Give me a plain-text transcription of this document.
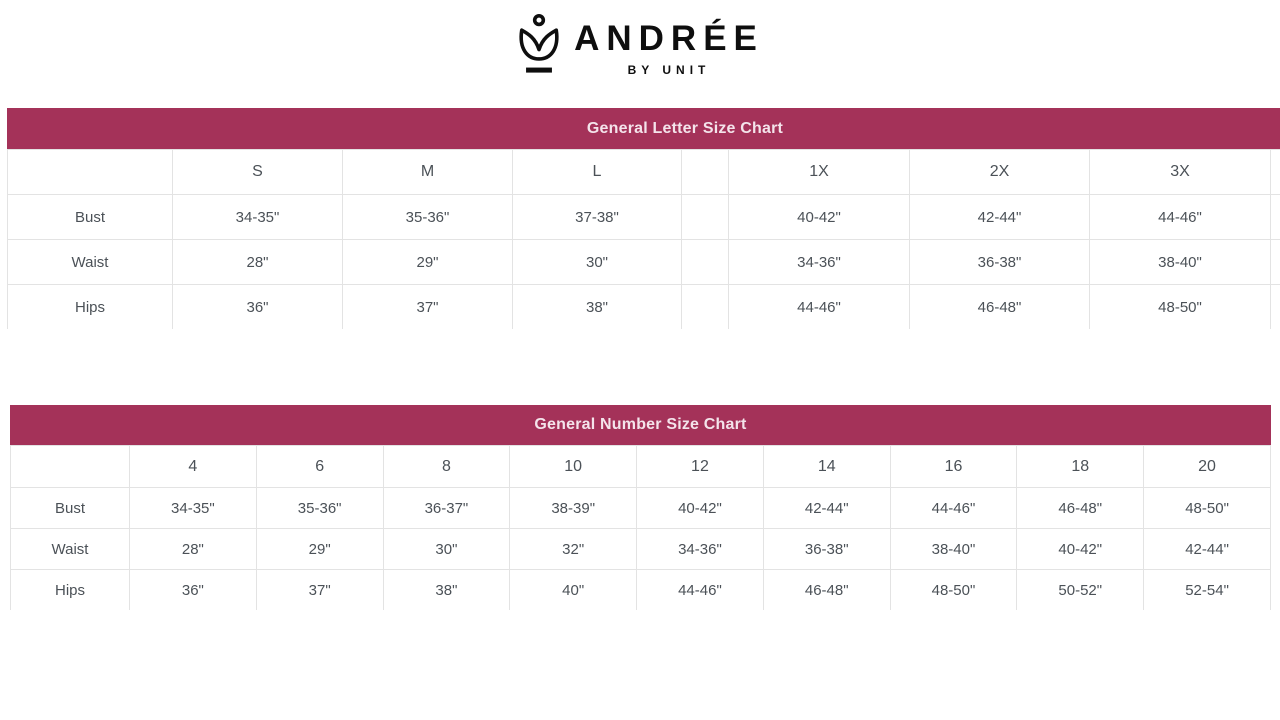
ANDRÉE
BY UNIT
General Letter Size Chart
	S	M	L		1X	2X	3X	
Bust	34-35"	35-36"	37-38"		40-42"	42-44"	44-46"	
Waist	28"	29"	30"		34-36"	36-38"	38-40"	
Hips	36"	37"	38"		44-46"	46-48"	48-50"	
General Number Size Chart
	4	6	8	10	12	14	16	18	20
Bust	34-35"	35-36"	36-37"	38-39"	40-42"	42-44"	44-46"	46-48"	48-50"
Waist	28"	29"	30"	32"	34-36"	36-38"	38-40"	40-42"	42-44"
Hips	36"	37"	38"	40"	44-46"	46-48"	48-50"	50-52"	52-54"
